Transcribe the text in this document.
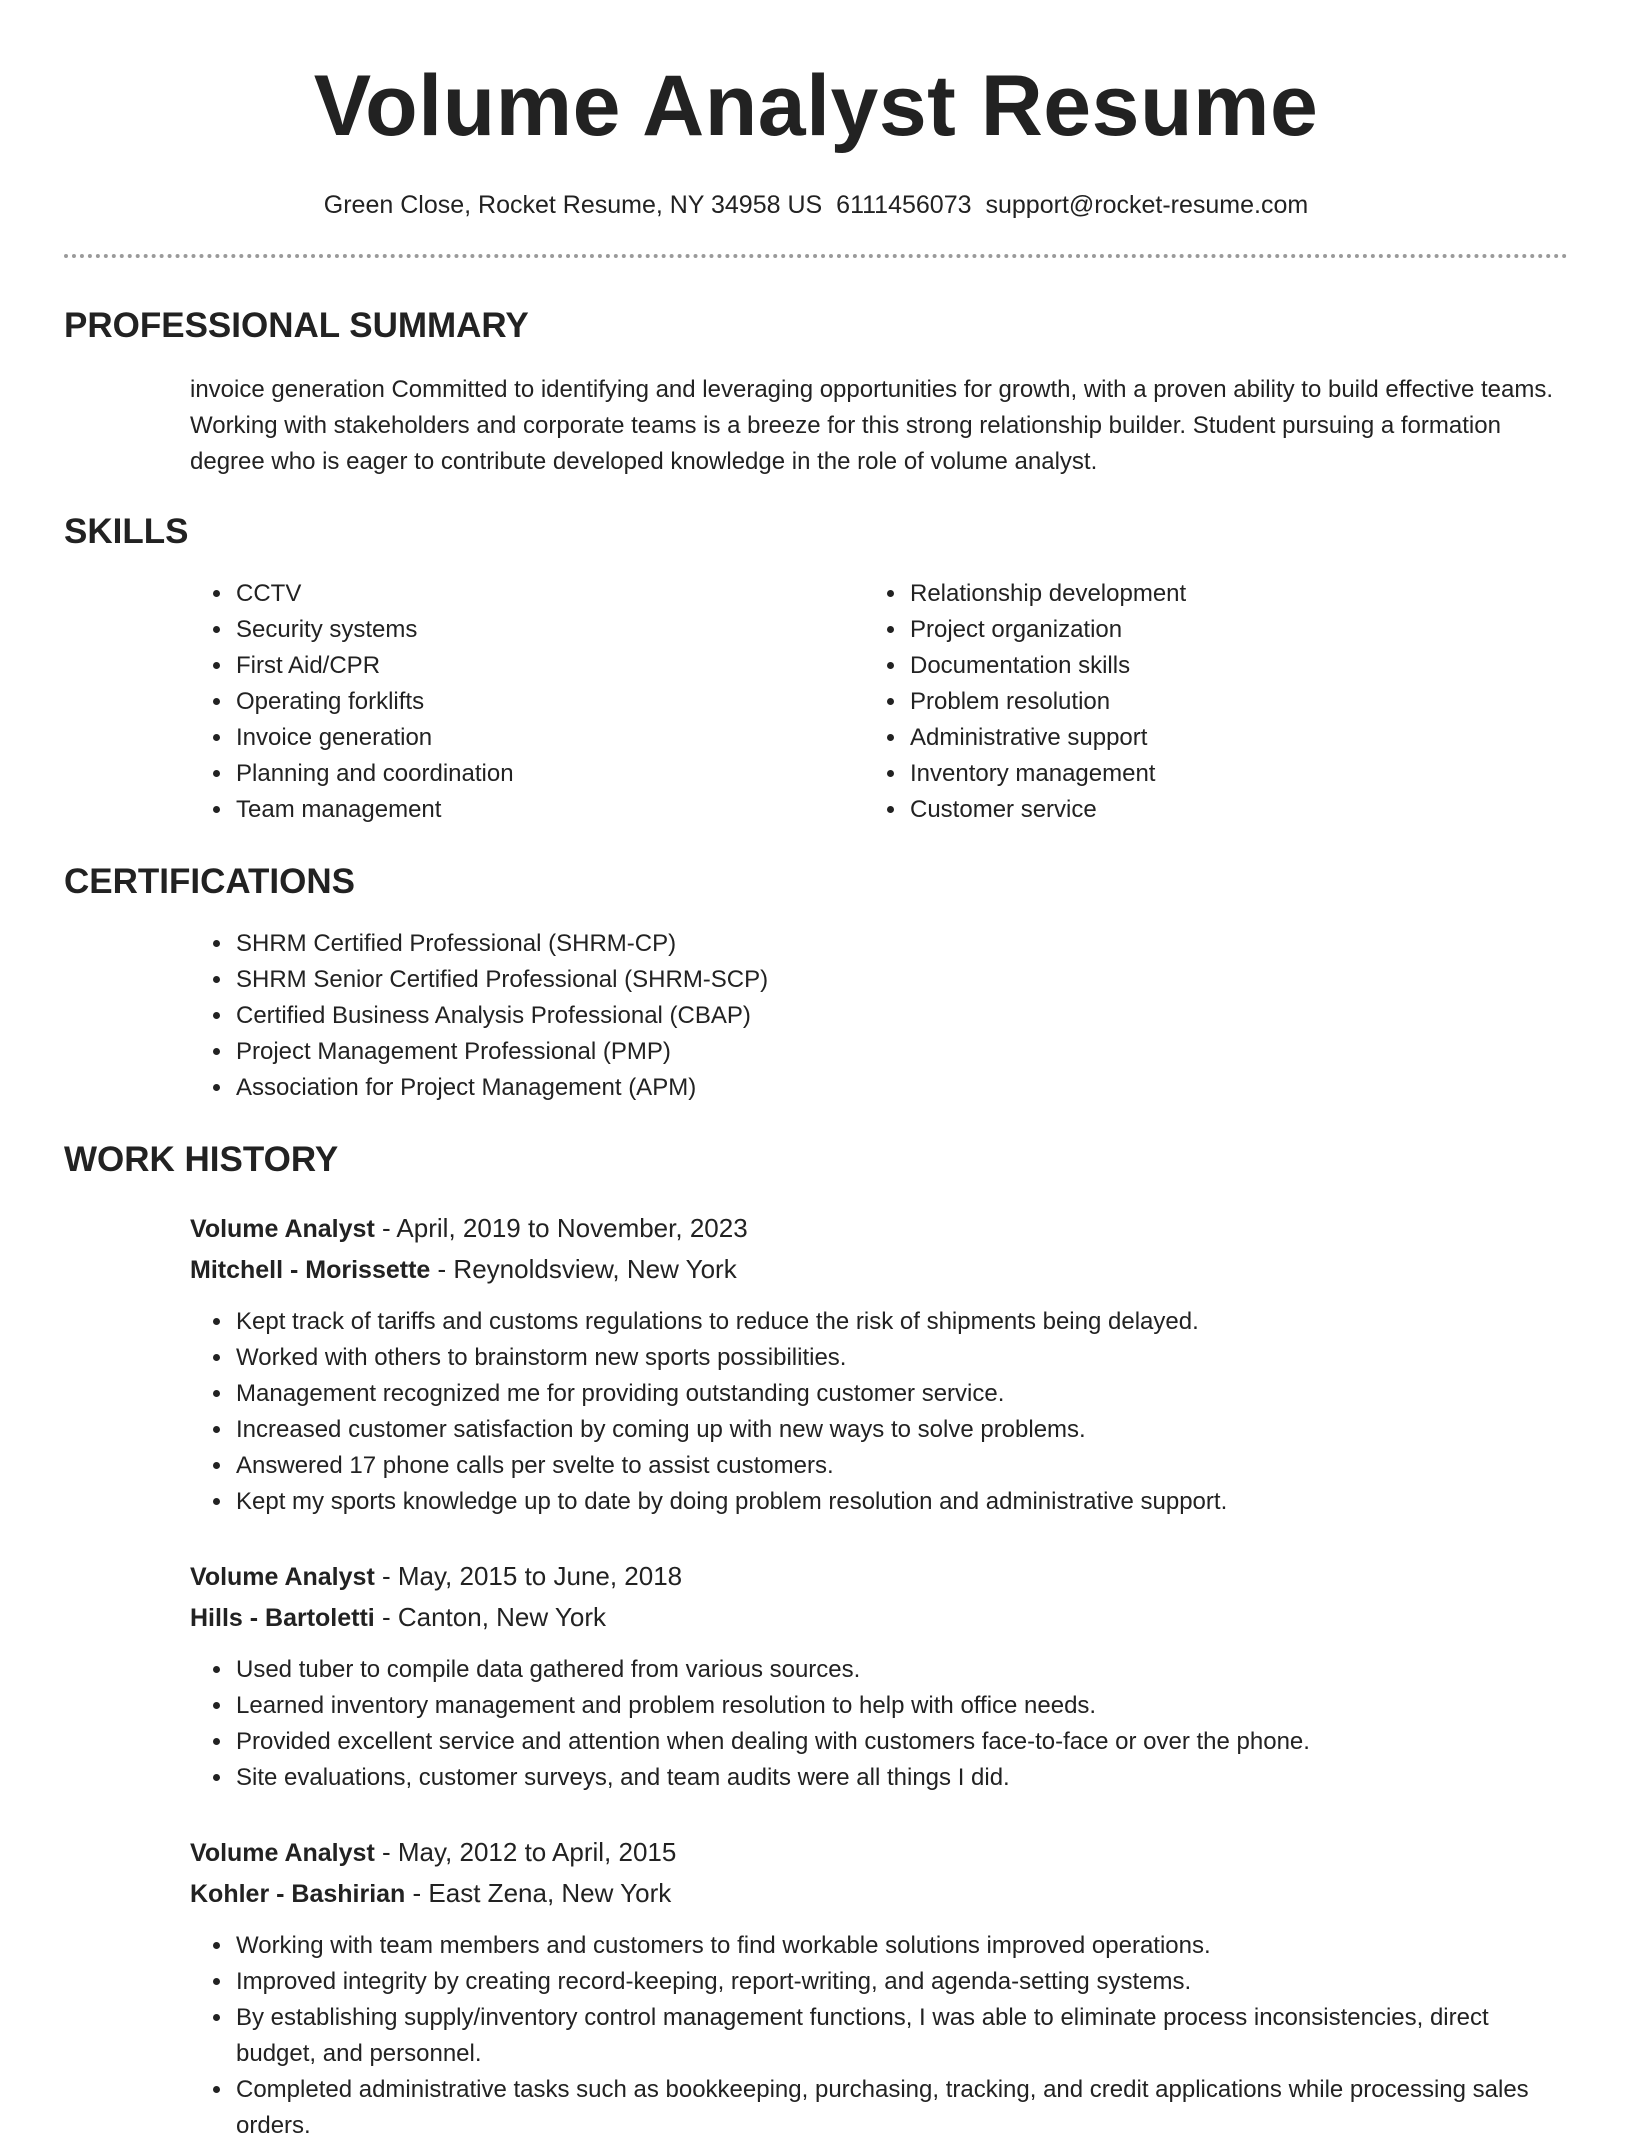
Volume Analyst Resume
Green Close, Rocket Resume, NY 34958 US 6111456073 support@rocket-resume.com
PROFESSIONAL SUMMARY

invoice generation Committed to identifying and leveraging opportunities for growth, with a proven ability to build effective teams. Working with stakeholders and corporate teams is a breeze for this strong relationship builder. Student pursuing a formation degree who is eager to contribute developed knowledge in the role of volume analyst.

SKILLS
• CCTV
• Security systems
• First Aid/CPR
• Operating forklifts
• Invoice generation
• Planning and coordination
• Team management
• Relationship development
• Project organization
• Documentation skills
• Problem resolution
• Administrative support
• Inventory management
• Customer service
CERTIFICATIONS
• SHRM Certified Professional (SHRM-CP)
• SHRM Senior Certified Professional (SHRM-SCP)
• Certified Business Analysis Professional (CBAP)
• Project Management Professional (PMP)
• Association for Project Management (APM)
WORK HISTORY
Volume Analyst - April, 2019 to November, 2023
Mitchell - Morissette - Reynoldsview, New York
• Kept track of tariffs and customs regulations to reduce the risk of shipments being delayed.
• Worked with others to brainstorm new sports possibilities.
• Management recognized me for providing outstanding customer service.
• Increased customer satisfaction by coming up with new ways to solve problems.
• Answered 17 phone calls per svelte to assist customers.
• Kept my sports knowledge up to date by doing problem resolution and administrative support.
Volume Analyst - May, 2015 to June, 2018
Hills - Bartoletti - Canton, New York
• Used tuber to compile data gathered from various sources.
• Learned inventory management and problem resolution to help with office needs.
• Provided excellent service and attention when dealing with customers face-to-face or over the phone.
• Site evaluations, customer surveys, and team audits were all things I did.
Volume Analyst - May, 2012 to April, 2015
Kohler - Bashirian - East Zena, New York
• Working with team members and customers to find workable solutions improved operations.
• Improved integrity by creating record-keeping, report-writing, and agenda-setting systems.
• By establishing supply/inventory control management functions, I was able to eliminate process inconsistencies, direct budget, and personnel.
• Completed administrative tasks such as bookkeeping, purchasing, tracking, and credit applications while processing sales orders.
